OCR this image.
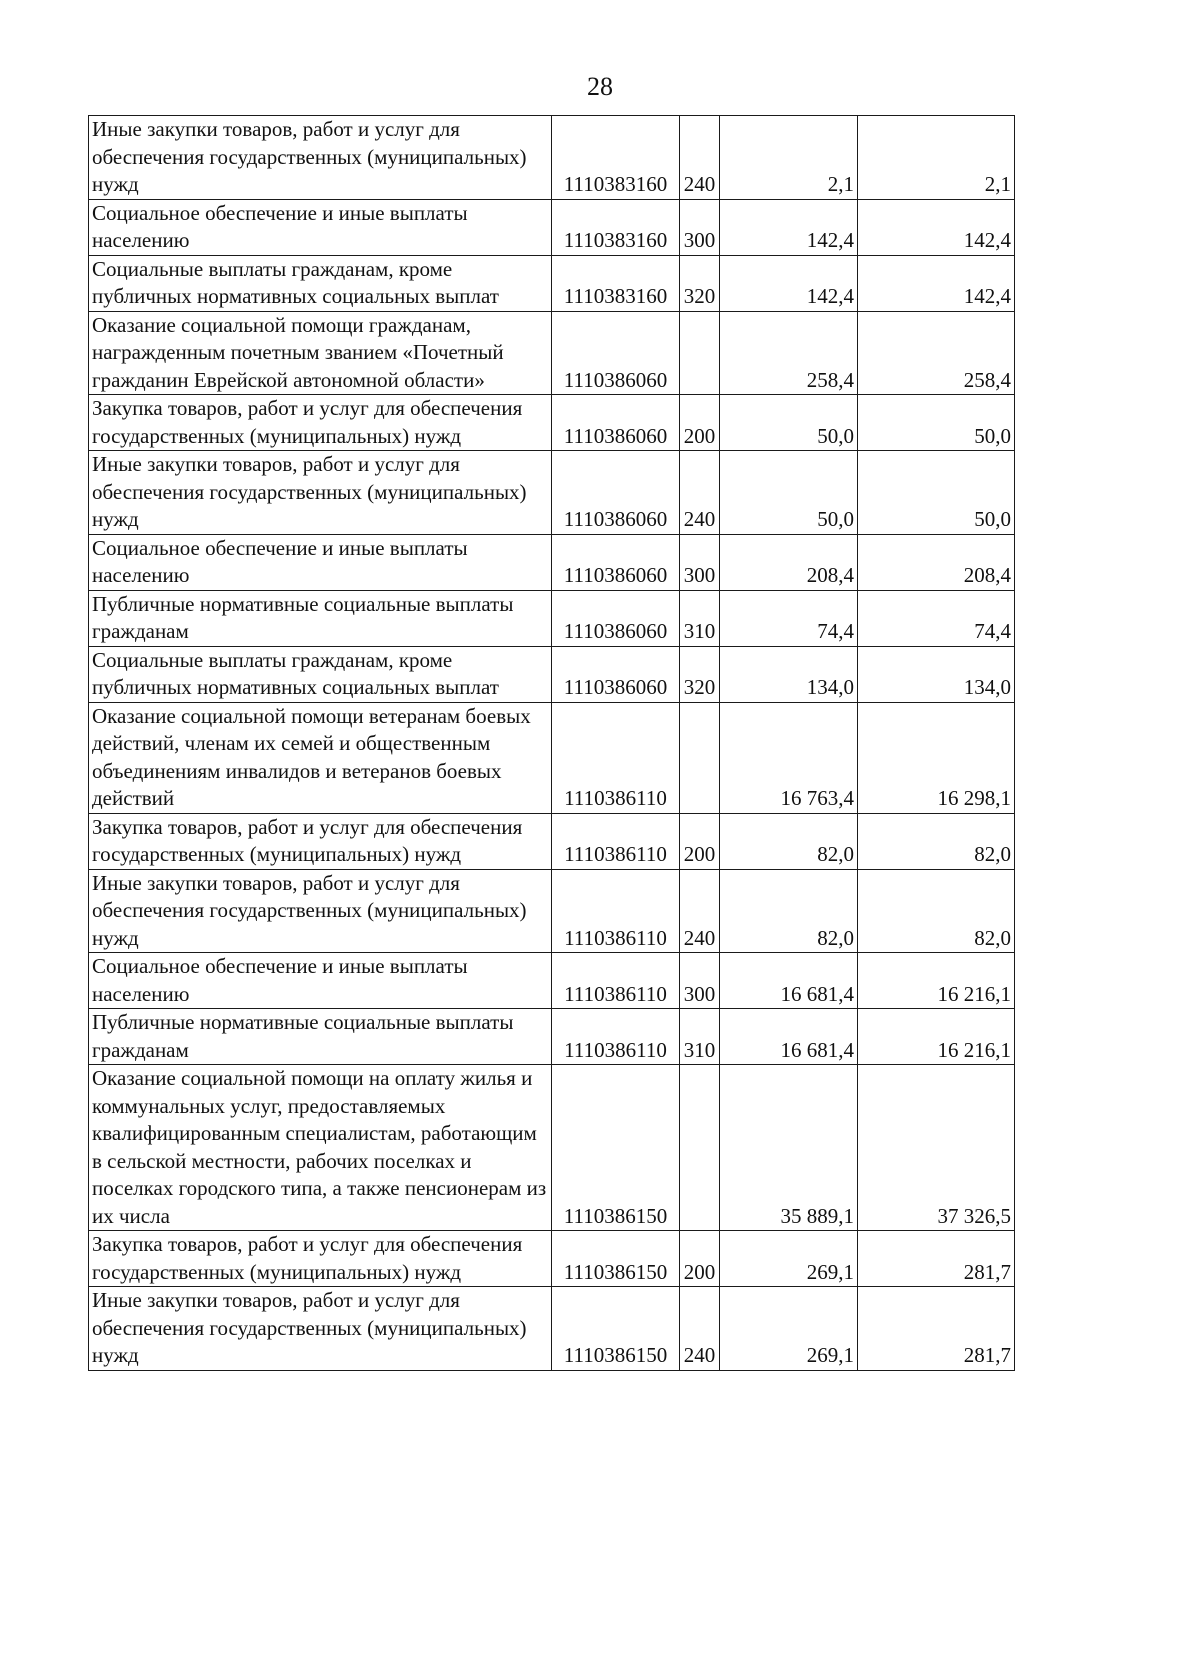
28
Иные закупки товаров, работ и услуг для обеспечения государственных (муниципальных) нужд	1110383160	240	2,1	2,1
Социальное обеспечение и иные выплаты населению	1110383160	300	142,4	142,4
Социальные выплаты гражданам, кроме публичных нормативных социальных выплат	1110383160	320	142,4	142,4
Оказание социальной помощи гражданам, награжденным почетным званием «Почетный гражданин Еврейской автономной области»	1110386060		258,4	258,4
Закупка товаров, работ и услуг для обеспечения государственных (муниципальных) нужд	1110386060	200	50,0	50,0
Иные закупки товаров, работ и услуг для обеспечения государственных (муниципальных) нужд	1110386060	240	50,0	50,0
Социальное обеспечение и иные выплаты населению	1110386060	300	208,4	208,4
Публичные нормативные социальные выплаты гражданам	1110386060	310	74,4	74,4
Социальные выплаты гражданам, кроме публичных нормативных социальных выплат	1110386060	320	134,0	134,0
Оказание социальной помощи ветеранам боевых действий, членам их семей и общественным объединениям инвалидов и ветеранов боевых действий	1110386110		16 763,4	16 298,1
Закупка товаров, работ и услуг для обеспечения государственных (муниципальных) нужд	1110386110	200	82,0	82,0
Иные закупки товаров, работ и услуг для обеспечения государственных (муниципальных) нужд	1110386110	240	82,0	82,0
Социальное обеспечение и иные выплаты населению	1110386110	300	16 681,4	16 216,1
Публичные нормативные социальные выплаты гражданам	1110386110	310	16 681,4	16 216,1
Оказание социальной помощи на оплату жилья и коммунальных услуг, предоставляемых квалифицированным специалистам, работающим в сельской местности, рабочих поселках и поселках городского типа, а также пенсионерам из их числа	1110386150		35 889,1	37 326,5
Закупка товаров, работ и услуг для обеспечения государственных (муниципальных) нужд	1110386150	200	269,1	281,7
Иные закупки товаров, работ и услуг для обеспечения государственных (муниципальных) нужд	1110386150	240	269,1	281,7
